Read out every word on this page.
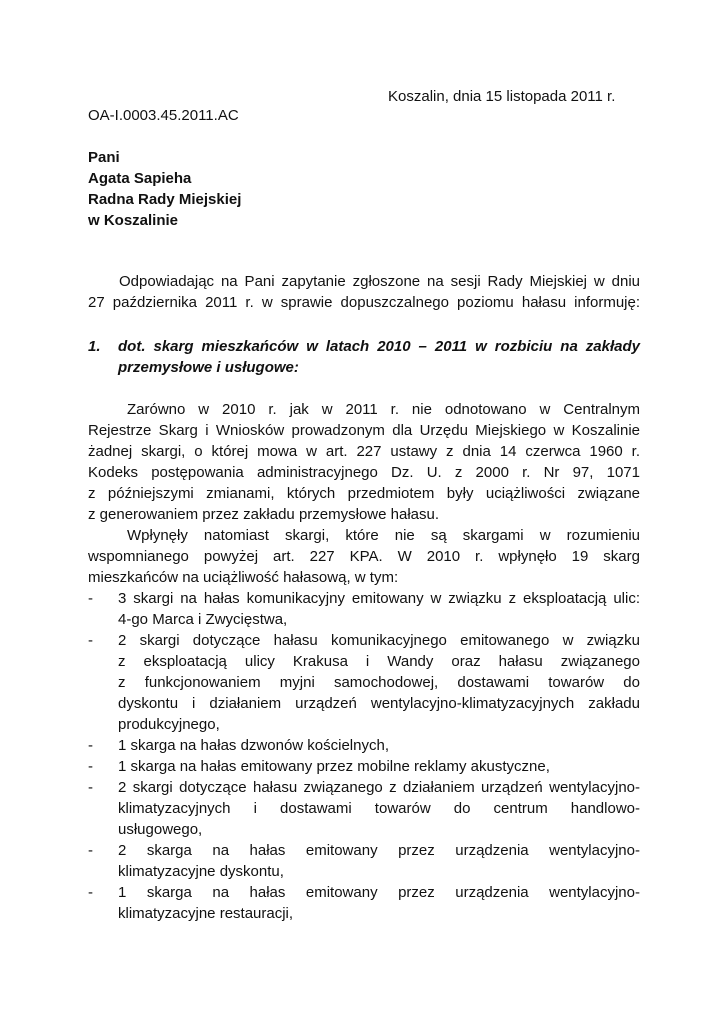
Koszalin, dnia 15 listopada 2011 r.
OA-I.0003.45.2011.AC
Pani
Agata Sapieha
Radna Rady Miejskiej
w Koszalinie
Odpowiadając na Pani zapytanie zgłoszone na sesji Rady Miejskiej w dniu
27 października 2011 r. w sprawie dopuszczalnego poziomu hałasu informuję:
1. dot. skarg mieszkańców w latach 2010 – 2011 w rozbiciu na zakłady
przemysłowe i usługowe:
Zarówno w 2010 r. jak w 2011 r. nie odnotowano w Centralnym
Rejestrze Skarg i Wniosków prowadzonym dla Urzędu Miejskiego w Koszalinie
żadnej skargi, o której mowa w art. 227 ustawy z dnia 14 czerwca 1960 r.
Kodeks postępowania administracyjnego Dz. U. z 2000 r. Nr 97, 1071
z późniejszymi zmianami, których przedmiotem były uciążliwości związane
z generowaniem przez zakładu przemysłowe hałasu.
Wpłynęły natomiast skargi, które nie są skargami w rozumieniu
wspomnianego powyżej art. 227 KPA. W 2010 r. wpłynęło 19 skarg
mieszkańców na uciążliwość hałasową, w tym:
- 3 skargi na hałas komunikacyjny emitowany w związku z eksploatacją ulic:
4-go Marca i Zwycięstwa,
- 2 skargi dotyczące hałasu komunikacyjnego emitowanego w związku
z eksploatacją ulicy Krakusa i Wandy oraz hałasu związanego
z funkcjonowaniem myjni samochodowej, dostawami towarów do
dyskontu i działaniem urządzeń wentylacyjno-klimatyzacyjnych zakładu
produkcyjnego,
- 1 skarga na hałas dzwonów kościelnych,
- 1 skarga na hałas emitowany przez mobilne reklamy akustyczne,
- 2 skargi dotyczące hałasu związanego z działaniem urządzeń wentylacyjno-
klimatyzacyjnych i dostawami towarów do centrum handlowo-
usługowego,
- 2 skarga na hałas emitowany przez urządzenia wentylacyjno-
klimatyzacyjne dyskontu,
- 1 skarga na hałas emitowany przez urządzenia wentylacyjno-
klimatyzacyjne restauracji,
